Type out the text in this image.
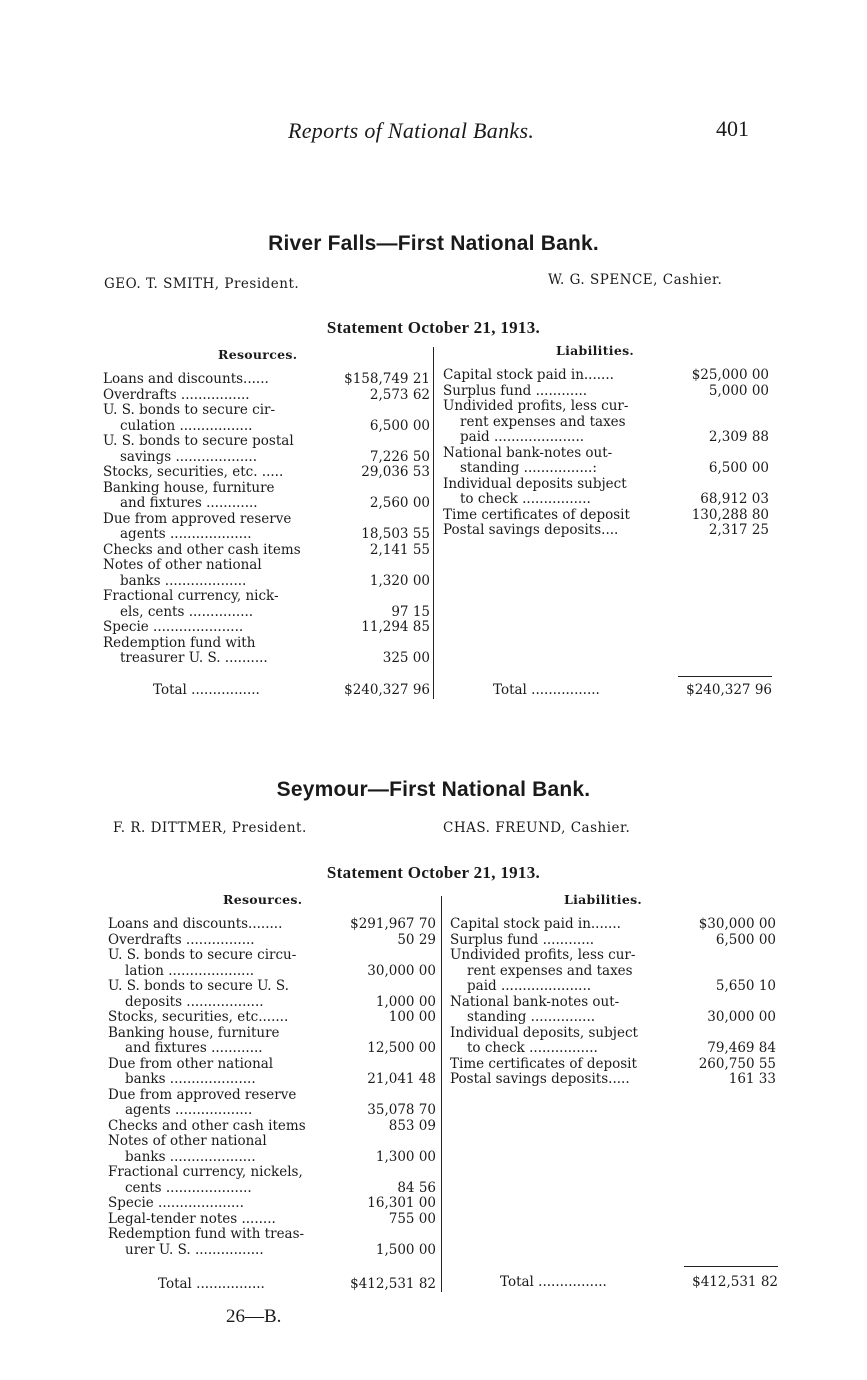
Reports of National Banks.	401
River Falls—First National Bank.
GEO. T. SMITH, President.	W. G. SPENCE, Cashier.
Statement October 21, 1913.
Resources.	Liabilities.
Loans and discounts......	$158,749 21
Overdrafts ................	2,573 62
U. S. bonds to secure cir-
culation .................	6,500 00
U. S. bonds to secure postal
savings ...................	7,226 50
Stocks, securities, etc. .....	29,036 53
Banking house, furniture
and fixtures ............	2,560 00
Due from approved reserve
agents ...................	18,503 55
Checks and other cash items	2,141 55
Notes of other national
banks ...................	1,320 00
Fractional currency, nick-
els, cents ...............	97 15
Specie .....................	11,294 85
Redemption fund with
treasurer U. S. ..........	325 00
Capital stock paid in.......	$25,000 00
Surplus fund ............	5,000 00
Undivided profits, less cur-
rent expenses and taxes
paid .....................	2,309 88
National bank-notes out-
standing ................:	6,500 00
Individual deposits subject
to check ................	68,912 03
Time certificates of deposit	130,288 80
Postal savings deposits....	2,317 25
Total ................	$240,327 96	Total ................	$240,327 96
Seymour—First National Bank.
F. R. DITTMER, President.	CHAS. FREUND, Cashier.
Statement October 21, 1913.
Resources.	Liabilities.
Loans and discounts........	$291,967 70
Overdrafts ................	50 29
U. S. bonds to secure circu-
lation ....................	30,000 00
U. S. bonds to secure U. S.
deposits ..................	1,000 00
Stocks, securities, etc.......	100 00
Banking house, furniture
and fixtures ............	12,500 00
Due from other national
banks ....................	21,041 48
Due from approved reserve
agents ..................	35,078 70
Checks and other cash items	853 09
Notes of other national
banks ....................	1,300 00
Fractional currency, nickels,
cents ....................	84 56
Specie ....................	16,301 00
Legal-tender notes ........	755 00
Redemption fund with treas-
urer U. S. ................	1,500 00
Capital stock paid in.......	$30,000 00
Surplus fund ............	6,500 00
Undivided profits, less cur-
rent expenses and taxes
paid .....................	5,650 10
National bank-notes out-
standing ...............	30,000 00
Individual deposits, subject
to check ................	79,469 84
Time certificates of deposit	260,750 55
Postal savings deposits.....	161 33
Total ................	$412,531 82	Total ................	$412,531 82
26—B.
